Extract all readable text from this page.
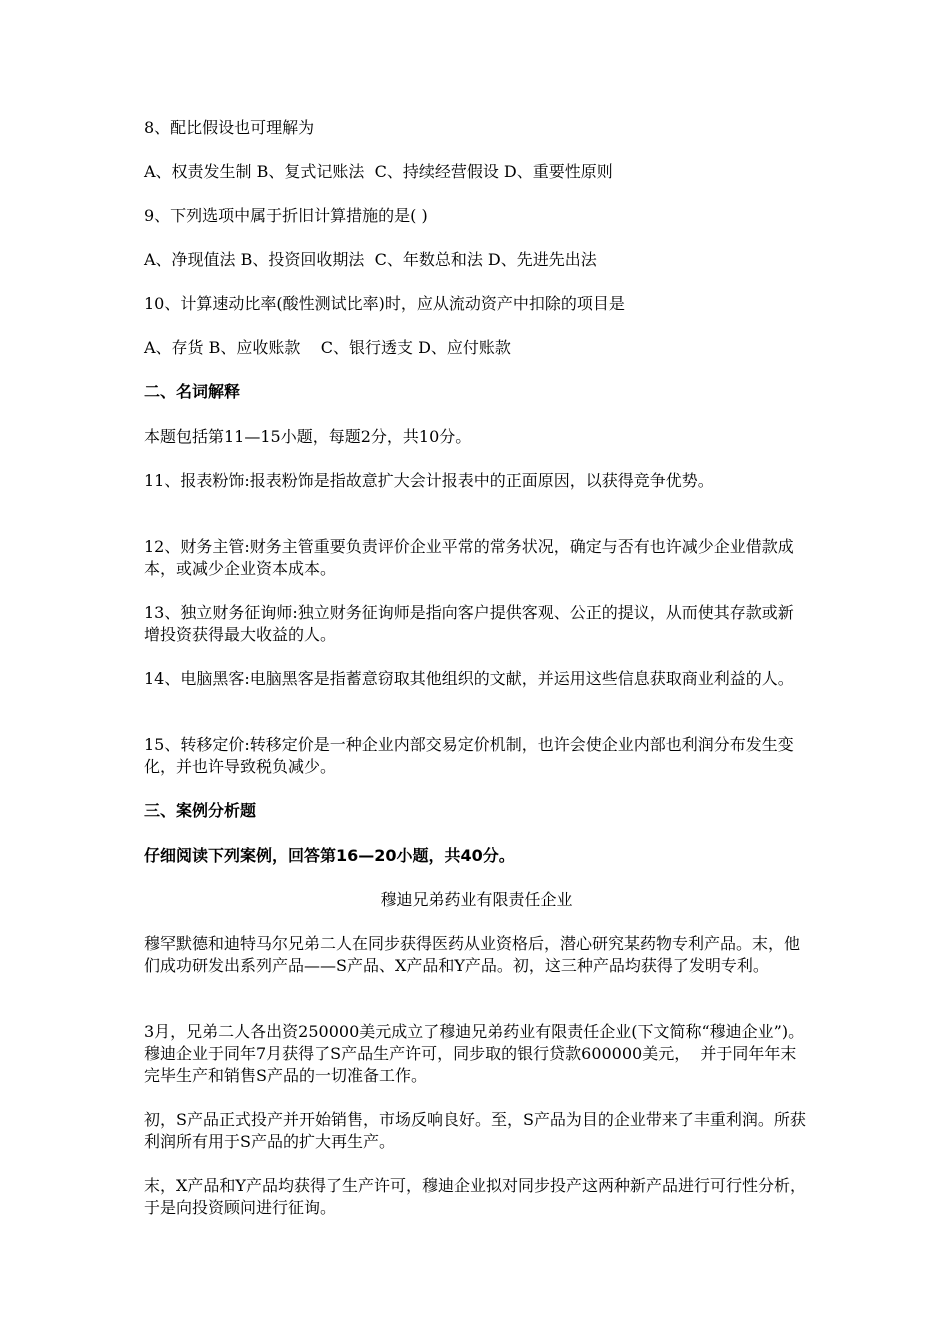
8、配比假设也可理解为
A、权责发生制 B、复式记账法  C、持续经营假设 D、重要性原则
9、下列选项中属于折旧计算措施的是( )
A、净现值法 B、投资回收期法  C、年数总和法 D、先进先出法
10、计算速动比率(酸性测试比率)时，应从流动资产中扣除的项目是
A、存货 B、应收账款    C、银行透支 D、应付账款
二、名词解释
本题包括第11—15小题，每题2分，共10分。
11、报表粉饰:报表粉饰是指故意扩大会计报表中的正面原因，以获得竞争优势。
12、财务主管:财务主管重要负责评价企业平常的常务状况，确定与否有也许减少企业借款成本，或减少企业资本成本。
13、独立财务征询师:独立财务征询师是指向客户提供客观、公正的提议，从而使其存款或新增投资获得最大收益的人。
14、电脑黑客:电脑黑客是指蓄意窃取其他组织的文献，并运用这些信息获取商业利益的人。
15、转移定价:转移定价是一种企业内部交易定价机制，也许会使企业内部也利润分布发生变化，并也许导致税负减少。
三、案例分析题
仔细阅读下列案例，回答第16—20小题，共40分。
穆迪兄弟药业有限责任企业
穆罕默德和迪特马尔兄弟二人在同步获得医药从业资格后，潜心研究某药物专利产品。末，他们成功研发出系列产品——S产品、X产品和Y产品。初，这三种产品均获得了发明专利。
3月，兄弟二人各出资250000美元成立了穆迪兄弟药业有限责任企业(下文简称“穆迪企业”)。穆迪企业于同年7月获得了S产品生产许可，同步取的银行贷款600000美元，  并于同年年末完毕生产和销售S产品的一切准备工作。
初，S产品正式投产并开始销售，市场反响良好。至，S产品为目的企业带来了丰重利润。所获利润所有用于S产品的扩大再生产。
末，X产品和Y产品均获得了生产许可，穆迪企业拟对同步投产这两种新产品进行可行性分析，于是向投资顾问进行征询。
